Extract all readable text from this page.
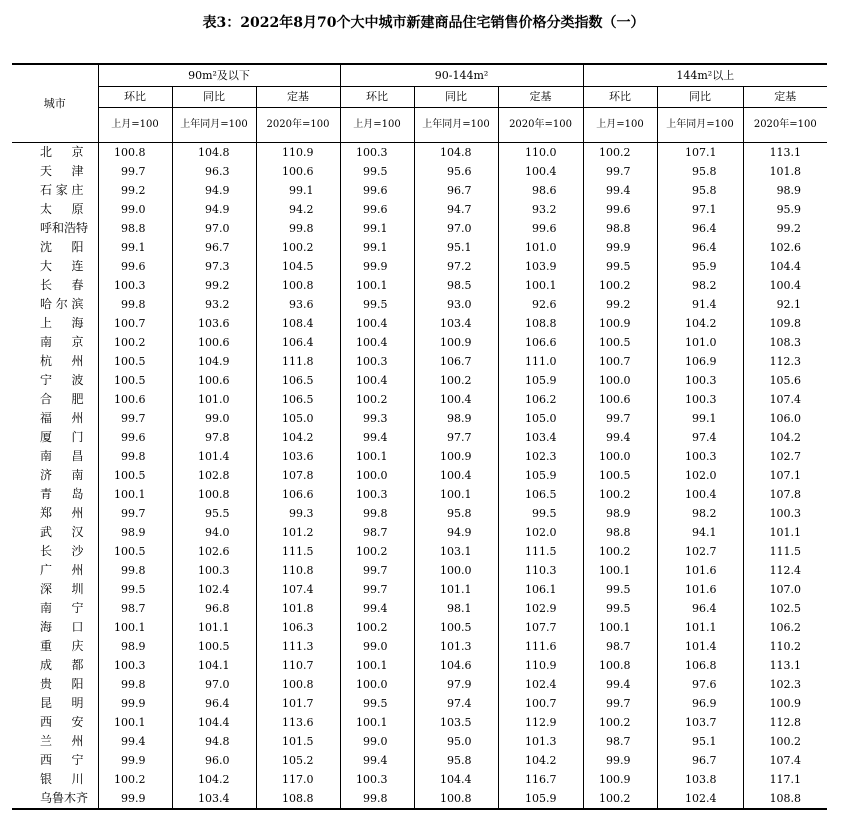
表3：2022年8月70个大中城市新建商品住宅销售价格分类指数（一）
城市	90m²及以下			90-144m²			144m²以上		
	环比	同比	定基	环比	同比	定基	环比	同比	定基
	上月=100	上年同月=100	2020年=100	上月=100	上年同月=100	2020年=100	上月=100	上年同月=100	2020年=100
北京	100.8	104.8	110.9	100.3	104.8	110.0	100.2	107.1	113.1
天津	99.7	96.3	100.6	99.5	95.6	100.4	99.7	95.8	101.8
石家庄	99.2	94.9	99.1	99.6	96.7	98.6	99.4	95.8	98.9
太原	99.0	94.9	94.2	99.6	94.7	93.2	99.6	97.1	95.9
呼和浩特	98.8	97.0	99.8	99.1	97.0	99.6	98.8	96.4	99.2
沈阳	99.1	96.7	100.2	99.1	95.1	101.0	99.9	96.4	102.6
大连	99.6	97.3	104.5	99.9	97.2	103.9	99.5	95.9	104.4
长春	100.3	99.2	100.8	100.1	98.5	100.1	100.2	98.2	100.4
哈尔滨	99.8	93.2	93.6	99.5	93.0	92.6	99.2	91.4	92.1
上海	100.7	103.6	108.4	100.4	103.4	108.8	100.9	104.2	109.8
南京	100.2	100.6	106.4	100.4	100.9	106.6	100.5	101.0	108.3
杭州	100.5	104.9	111.8	100.3	106.7	111.0	100.7	106.9	112.3
宁波	100.5	100.6	106.5	100.4	100.2	105.9	100.0	100.3	105.6
合肥	100.6	101.0	106.5	100.2	100.4	106.2	100.6	100.3	107.4
福州	99.7	99.0	105.0	99.3	98.9	105.0	99.7	99.1	106.0
厦门	99.6	97.8	104.2	99.4	97.7	103.4	99.4	97.4	104.2
南昌	99.8	101.4	103.6	100.1	100.9	102.3	100.0	100.3	102.7
济南	100.5	102.8	107.8	100.0	100.4	105.9	100.5	102.0	107.1
青岛	100.1	100.8	106.6	100.3	100.1	106.5	100.2	100.4	107.8
郑州	99.7	95.5	99.3	99.8	95.8	99.5	98.9	98.2	100.3
武汉	98.9	94.0	101.2	98.7	94.9	102.0	98.8	94.1	101.1
长沙	100.5	102.6	111.5	100.2	103.1	111.5	100.2	102.7	111.5
广州	99.8	100.3	110.8	99.7	100.0	110.3	100.1	101.6	112.4
深圳	99.5	102.4	107.4	99.7	101.1	106.1	99.5	101.6	107.0
南宁	98.7	96.8	101.8	99.4	98.1	102.9	99.5	96.4	102.5
海口	100.1	101.1	106.3	100.2	100.5	107.7	100.1	101.1	106.2
重庆	98.9	100.5	111.3	99.0	101.3	111.6	98.7	101.4	110.2
成都	100.3	104.1	110.7	100.1	104.6	110.9	100.8	106.8	113.1
贵阳	99.8	97.0	100.8	100.0	97.9	102.4	99.4	97.6	102.3
昆明	99.9	96.4	101.7	99.5	97.4	100.7	99.7	96.9	100.9
西安	100.1	104.4	113.6	100.1	103.5	112.9	100.2	103.7	112.8
兰州	99.4	94.8	101.5	99.0	95.0	101.3	98.7	95.1	100.2
西宁	99.9	96.0	105.2	99.4	95.8	104.2	99.9	96.7	107.4
银川	100.2	104.2	117.0	100.3	104.4	116.7	100.9	103.8	117.1
乌鲁木齐	99.9	103.4	108.8	99.8	100.8	105.9	100.2	102.4	108.8
